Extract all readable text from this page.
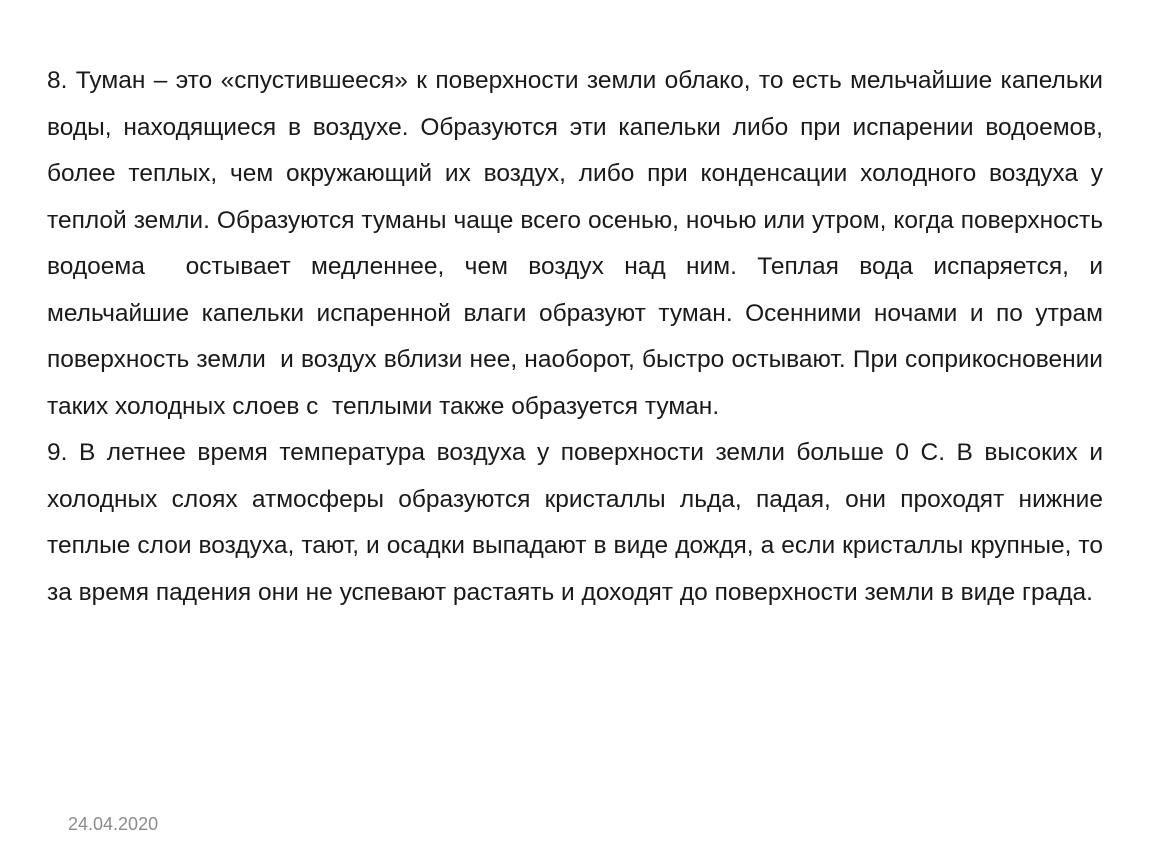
8. Туман – это «спустившееся» к поверхности земли облако, то есть мельчайшие капельки воды, находящиеся в воздухе. Образуются эти капельки либо при испарении водоемов, более теплых, чем окружающий их воздух, либо при конденсации холодного воздуха у теплой земли. Образуются туманы чаще всего осенью, ночью или утром, когда поверхность водоема  остывает медленнее, чем воздух над ним. Теплая вода испаряется, и  мельчайшие капельки испаренной влаги образуют туман. Осенними ночами и по утрам поверхность земли  и воздух вблизи нее, наоборот, быстро остывают. При соприкосновении таких холодных слоев с  теплыми также образуется туман.

9. В летнее время температура воздуха у поверхности земли больше 0 С. В высоких и холодных слоях атмосферы образуются кристаллы льда, падая, они проходят нижние теплые слои воздуха, тают, и осадки выпадают в виде дождя, а если кристаллы крупные, то за время падения они не успевают растаять и доходят до поверхности земли в виде града.

24.04.2020
